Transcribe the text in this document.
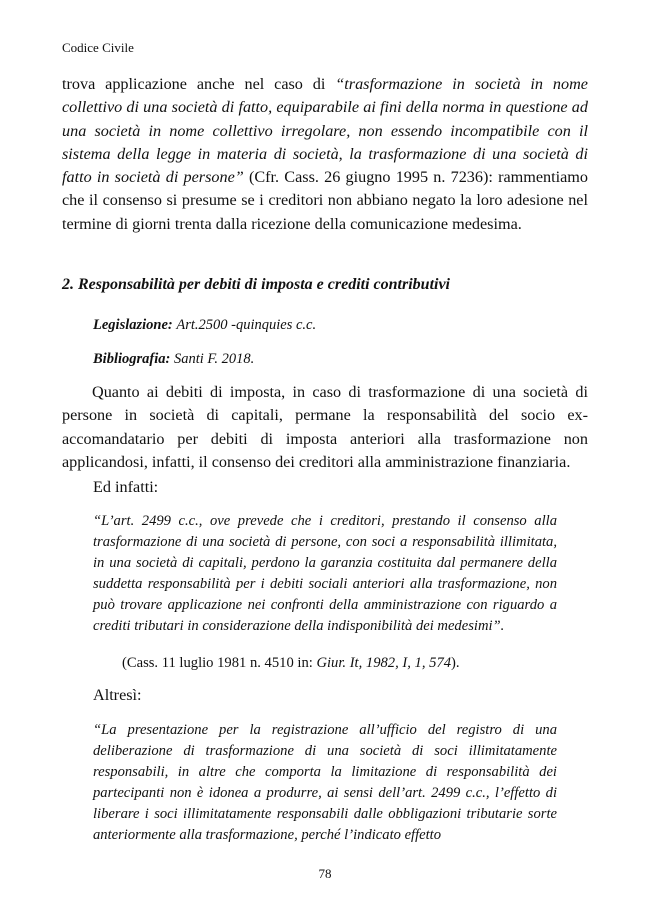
Codice Civile

trova applicazione anche nel caso di “trasformazione in società in nome collettivo di una società di fatto, equiparabile ai fini della norma in questione ad una società in nome collettivo irregolare, non essendo incompatibile con il sistema della legge in materia di società, la trasformazione di una società di fatto in società di persone” (Cfr. Cass. 26 giugno 1995 n. 7236): rammentiamo che il consenso si presume se i creditori non abbiano negato la loro adesione nel termine di giorni trenta dalla ricezione della comunicazione medesima.

2. Responsabilità per debiti di imposta e crediti contributivi

Legislazione: Art.2500 -quinquies c.c.
Bibliografia: Santi F. 2018.

Quanto ai debiti di imposta, in caso di trasformazione di una società di persone in società di capitali, permane la responsabilità del socio ex-accomandatario per debiti di imposta anteriori alla trasformazione non applicandosi, infatti, il consenso dei creditori alla amministrazione finanziaria.

Ed infatti:

“L’art. 2499 c.c., ove prevede che i creditori, prestando il consenso alla trasformazione di una società di persone, con soci a responsabilità illimitata, in una società di capitali, perdono la garanzia costituita dal permanere della suddetta responsabilità per i debiti sociali anteriori alla trasformazione, non può trovare applicazione nei confronti della amministrazione con riguardo a crediti tributari in considerazione della indisponibilità dei medesimi”.

(Cass. 11 luglio 1981 n. 4510 in: Giur. It, 1982, I, 1, 574).
Altresì:

“La presentazione per la registrazione all’ufficio del registro di una deliberazione di trasformazione di una società di soci illimitatamente responsabili, in altre che comporta la limitazione di responsabilità dei partecipanti non è idonea a produrre, ai sensi dell’art. 2499 c.c., l’effetto di liberare i soci illimitatamente responsabili dalle obbligazioni tributarie sorte anteriormente alla trasformazione, perché l’indicato effetto

78
